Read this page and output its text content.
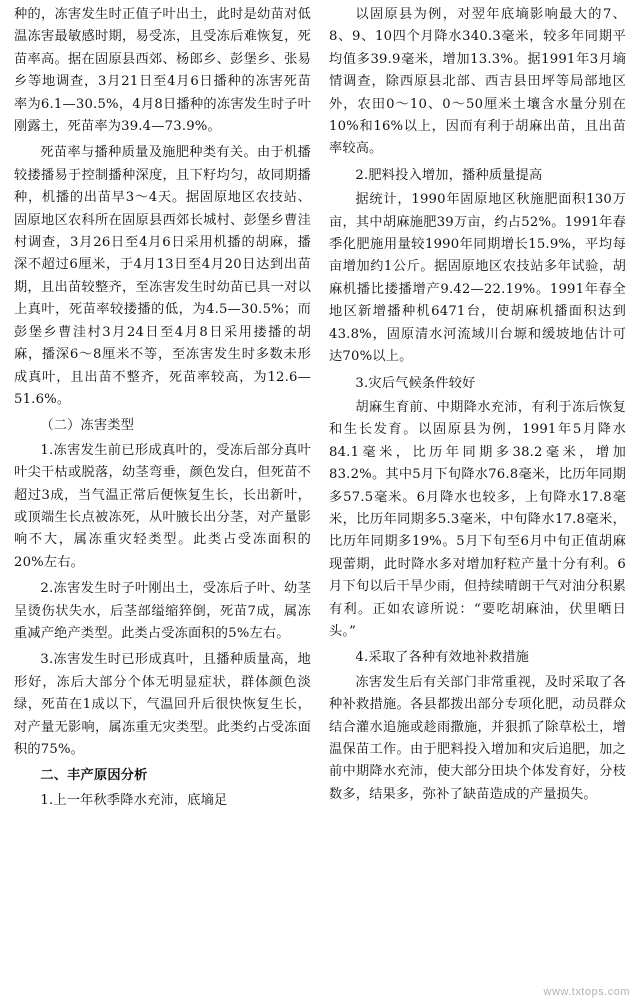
种的，冻害发生时正值子叶出土，此时是幼苗对低温冻害最敏感时期，易受冻，且受冻后难恢复，死苗率高。据在固原县西郊、杨郎乡、彭堡乡、张易乡等地调查，3月21日至4月6日播种的冻害死苗率为6.1—30.5%，4月8日播种的冻害发生时子叶刚露土，死苗率为39.4—73.9%。

死苗率与播种质量及施肥种类有关。由于机播较搂播易于控制播种深度，且下籽均匀，故同期播种，机播的出苗早3～4天。据固原地区农技站、固原地区农科所在固原县西郊长城村、彭堡乡曹洼村调查，3月26日至4月6日采用机播的胡麻，播深不超过6厘米，于4月13日至4月20日达到出苗期，且出苗较整齐，至冻害发生时幼苗已具一对以上真叶，死苗率较搂播的低，为4.5—30.5%；而彭堡乡曹洼村3月24日至4月8日采用搂播的胡麻，播深6～8厘米不等，至冻害发生时多数未形成真叶，且出苗不整齐，死苗率较高，为12.6—51.6%。

（二）冻害类型

1.冻害发生前已形成真叶的，受冻后部分真叶叶尖干枯或脱落，幼茎弯垂，颜色发白，但死苗不超过3成，当气温正常后便恢复生长，长出新叶，或顶端生长点被冻死，从叶腋长出分茎，对产量影响不大，属冻重灾轻类型。此类占受冻面积的20%左右。

2.冻害发生时子叶刚出土，受冻后子叶、幼茎呈烫伤状失水，后茎部缢缩猝倒，死苗7成，属冻重减产绝产类型。此类占受冻面积的5%左右。

3.冻害发生时已形成真叶，且播种质量高，地形好，冻后大部分个体无明显症状，群体颜色淡绿，死苗在1成以下，气温回升后很快恢复生长，对产量无影响，属冻重无灾类型。此类约占受冻面积的75%。

二、丰产原因分析

1.上一年秋季降水充沛，底墒足

以固原县为例，对翌年底墒影响最大的7、8、9、10四个月降水340.3毫米，较多年同期平均值多39.9毫米，增加13.3%。据1991年3月墒情调查，除西原县北部、西吉县田坪等局部地区外，农田0～10、0～50厘米土壤含水量分别在10%和16%以上，因而有利于胡麻出苗，且出苗率较高。

2.肥料投入增加，播种质量提高

据统计，1990年固原地区秋施肥面积130万亩，其中胡麻施肥39万亩，约占52%。1991年春季化肥施用量较1990年同期增长15.9%，平均每亩增加约1公斤。据固原地区农技站多年试验，胡麻机播比搂播增产9.42—22.19%。1991年春全地区新增播种机6471台，使胡麻机播面积达到43.8%，固原清水河流域川台塬和缓坡地估计可达70%以上。

3.灾后气候条件较好

胡麻生育前、中期降水充沛，有利于冻后恢复和生长发育。以固原县为例，1991年5月降水84.1毫米，比历年同期多38.2毫米，增加83.2%。其中5月下旬降水76.8毫米，比历年同期多57.5毫米。6月降水也较多，上旬降水17.8毫米，比历年同期多5.3毫米，中旬降水17.8毫米，比历年同期多19%。5月下旬至6月中旬正值胡麻现蕾期，此时降水多对增加籽粒产量十分有利。6月下旬以后干旱少雨，但持续晴朗干气对油分积累有利。正如农谚所说：“要吃胡麻油，伏里晒日头。”

4.采取了各种有效地补救措施

冻害发生后有关部门非常重视，及时采取了各种补救措施。各县都拨出部分专项化肥，动员群众结合灌水追施或趁雨撒施，并狠抓了除草松土，增温保苗工作。由于肥料投入增加和灾后追肥，加之前中期降水充沛，使大部分田块个体发育好，分枝数多，结果多，弥补了缺苗造成的产量损失。

www.txtops.com
